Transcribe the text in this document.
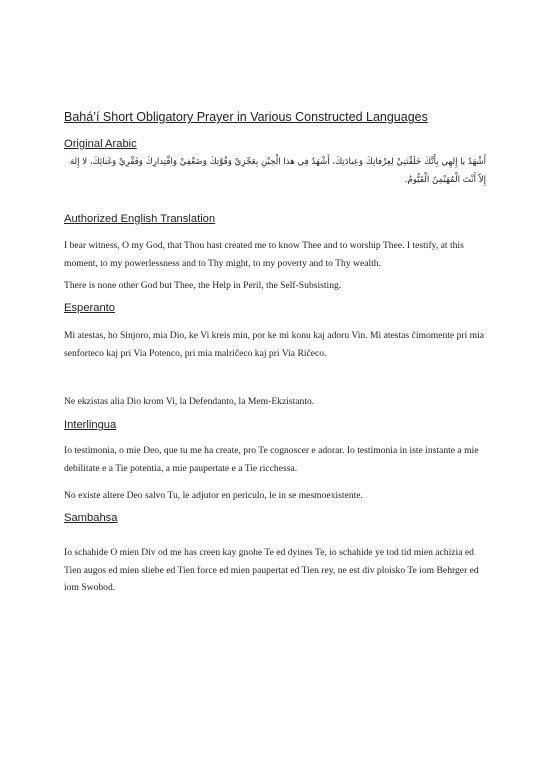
Bahá’í Short Obligatory Prayer in Various Constructed Languages
Original Arabic

أَشْهَدُ يا إِلهِي بِأَنَّكَ خَلَقْتَنِيْ لِعِرْفانِكَ وَعِبادَتِكَ، أَشْهَدُ فِي هذا الْحِيْنِ بِعَجْزِيْ وَقُوَّتِكَ وَضَعْفِيْ وَاقْتِدارِكَ وَفَقْرِيْ وَغَنائِكَ، لا إِلهَ إِلاّ أَنْتَ الْمُهَيْمِنُ الْقَيُّومُ.

Authorized English Translation

I bear witness, O my God, that Thou hast created me to know Thee and to worship Thee. I testify, at this moment, to my powerlessness and to Thy might, to my poverty and to Thy wealth.

There is none other God but Thee, the Help in Peril, the Self-Subsisting.

Esperanto

Mi atestas, ho Sinjoro, mia Dio, ke Vi kreis min, por ke mi konu kaj adoru Vin. Mi atestas ĉimomente pri mia senforteco kaj pri Via Potenco, pri mia malriĉeco kaj pri Via Riĉeco.

Ne ekzistas alia Dio krom Vi, la Defendanto, la Mem-Ekzistanto.

Interlingua

Io testimonia, o mie Deo, que tu me ha create, pro Te cognoscer e adorar. Io testimonia in iste instante a mie debilitate e a Tie potentia, a mie paupertate e a Tie ricchessa.

No existe altere Deo salvo Tu, le adjutor en periculo, le in se mesmoexistente.

Sambahsa

Io schahide O mien Div od me has creen kay gnohe Te ed dyines Te, io schahide ye tod tid mien achizia ed Tien augos ed mien sliebe ed Tien force ed mien paupertat ed Tien rey, ne est div ploisko Te iom Behrger ed iom Swobod.
